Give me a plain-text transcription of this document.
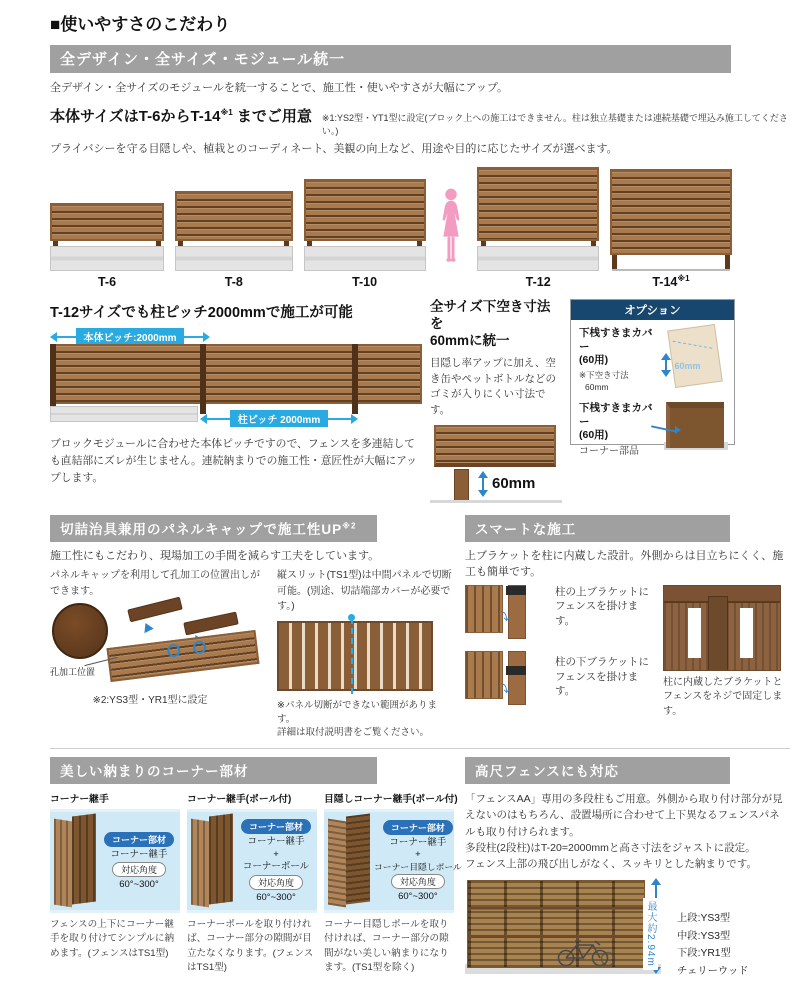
■使いやすさのこだわり
全デザイン・全サイズ・モジュール統一
全デザイン・全サイズのモジュールを統一することで、施工性・使いやすさが大幅にアップ。
本体サイズはT-6からT-14$^{※1}$ までご用意 ※1:YS2型・YT1型に設定(ブロック上への施工はできません。柱は独立基礎または連続基礎で埋込み施工してください。)
プライバシーを守る目隠しや、植栽とのコーディネート、美観の向上など、用途や目的に応じたサイズが選べます。
T-6	T-8	T-10	T-12	T-14$^{※1}$
T-12サイズでも柱ピッチ2000mmで施工が可能
本体ピッチ:2000mm
柱ピッチ 2000mm
ブロックモジュールに合わせた本体ピッチですので、フェンスを多連結しても直結部にズレが生じません。連続納まりでの施工性・意匠性が大幅にアップします。
全サイズ下空き寸法を
60mmに統一
目隠し率アップに加え、空き缶やペットボトルなどのゴミが入りにくい寸法です。
60mm
オプション
下桟すきまカバー
(60用)
※下空き寸法
60mm
60mm
下桟すきまカバー
(60用)
コーナー部品
切詰治具兼用のパネルキャップで施工性UP$^{※2}$
施工性にもこだわり、現場加工の手間を減らす工夫をしています。
パネルキャップを利用して孔加工の位置出しができます。
孔加工位置
※2:YS3型・YR1型に設定
縦スリット(TS1型)は中間パネルで切断可能。(別途、切詰端部カバーが必要です。)
※パネル切断ができない範囲があります。
詳細は取付説明書をご覧ください。
スマートな施工
上ブラケットを柱に内蔵した設計。外側からは目立ちにくく、施工も簡単です。
⤵
⤵
柱の上ブラケットにフェンスを掛けます。
柱の下ブラケットにフェンスを掛けます。
柱に内蔵したブラケットとフェンスをネジで固定します。
美しい納まりのコーナー部材
コーナー継手
コーナー部材
コーナー継手
対応角度
60°~300°
フェンスの上下にコーナー継手を取り付けてシンプルに納めます。(フェンスはTS1型)
コーナー継手(ポール付)
コーナー部材
コーナー継手
+
コーナーポール
対応角度
60°~300°
コーナーポールを取り付ければ、コーナー部分の隙間が目立たなくなります。(フェンスはTS1型)
目隠しコーナー継手(ポール付)
コーナー部材
コーナー継手
+
コーナー目隠しポール
対応角度
60°~300°
コーナー目隠しポールを取り付ければ、コーナー部分の隙間がない美しい納まりになります。(TS1型を除く)
高尺フェンスにも対応
「フェンスAA」専用の多段柱もご用意。外側から取り付け部分が見えないのはもちろん、設置場所に合わせて上下異なるフェンスパネルも取り付けられます。
多段柱(2段柱)はT-20=2000mmと高さ寸法をジャストに設定。
フェンス上部の飛び出しがなく、スッキリとした納まりです。
最大約2.94m 上段:YS3型
中段:YS3型
下段:YR1型
チェリーウッド
